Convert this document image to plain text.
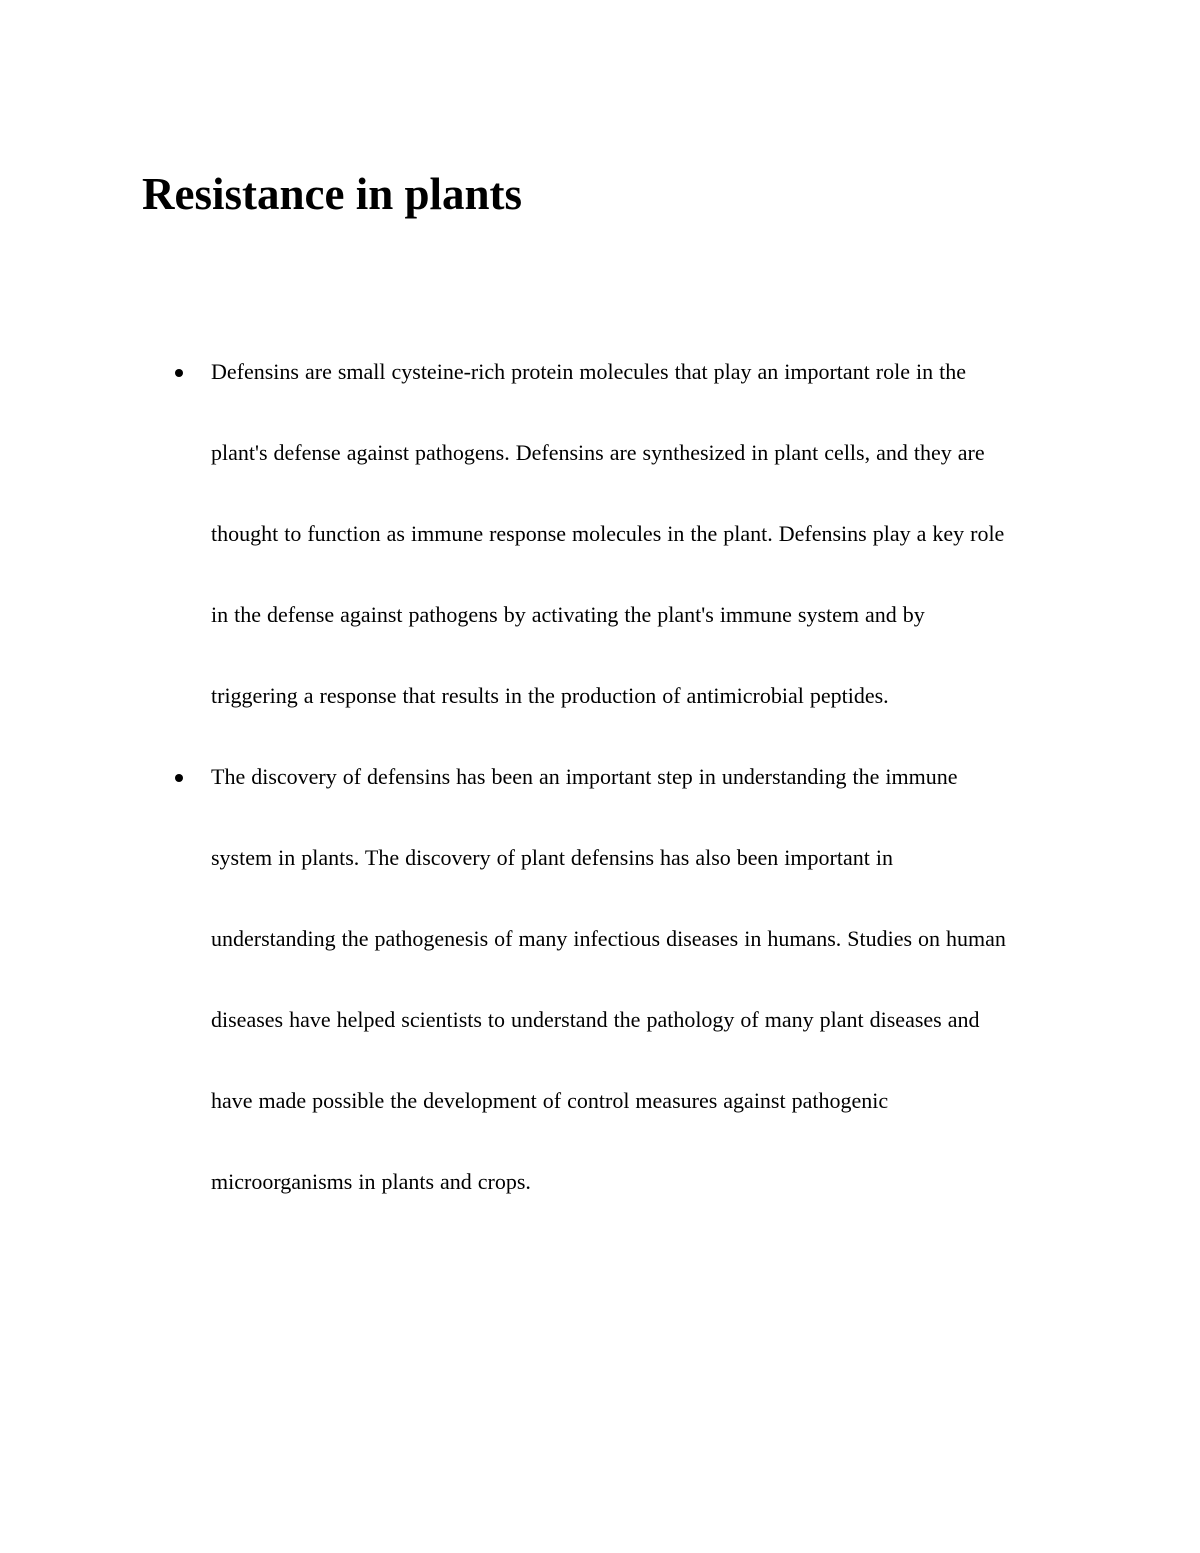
Resistance in plants
Defensins are small cysteine-rich protein molecules that play an important role in the
plant's defense against pathogens. Defensins are synthesized in plant cells, and they are
thought to function as immune response molecules in the plant. Defensins play a key role
in the defense against pathogens by activating the plant's immune system and by
triggering a response that results in the production of antimicrobial peptides.
The discovery of defensins has been an important step in understanding the immune
system in plants. The discovery of plant defensins has also been important in
understanding the pathogenesis of many infectious diseases in humans. Studies on human
diseases have helped scientists to understand the pathology of many plant diseases and
have made possible the development of control measures against pathogenic
microorganisms in plants and crops.
